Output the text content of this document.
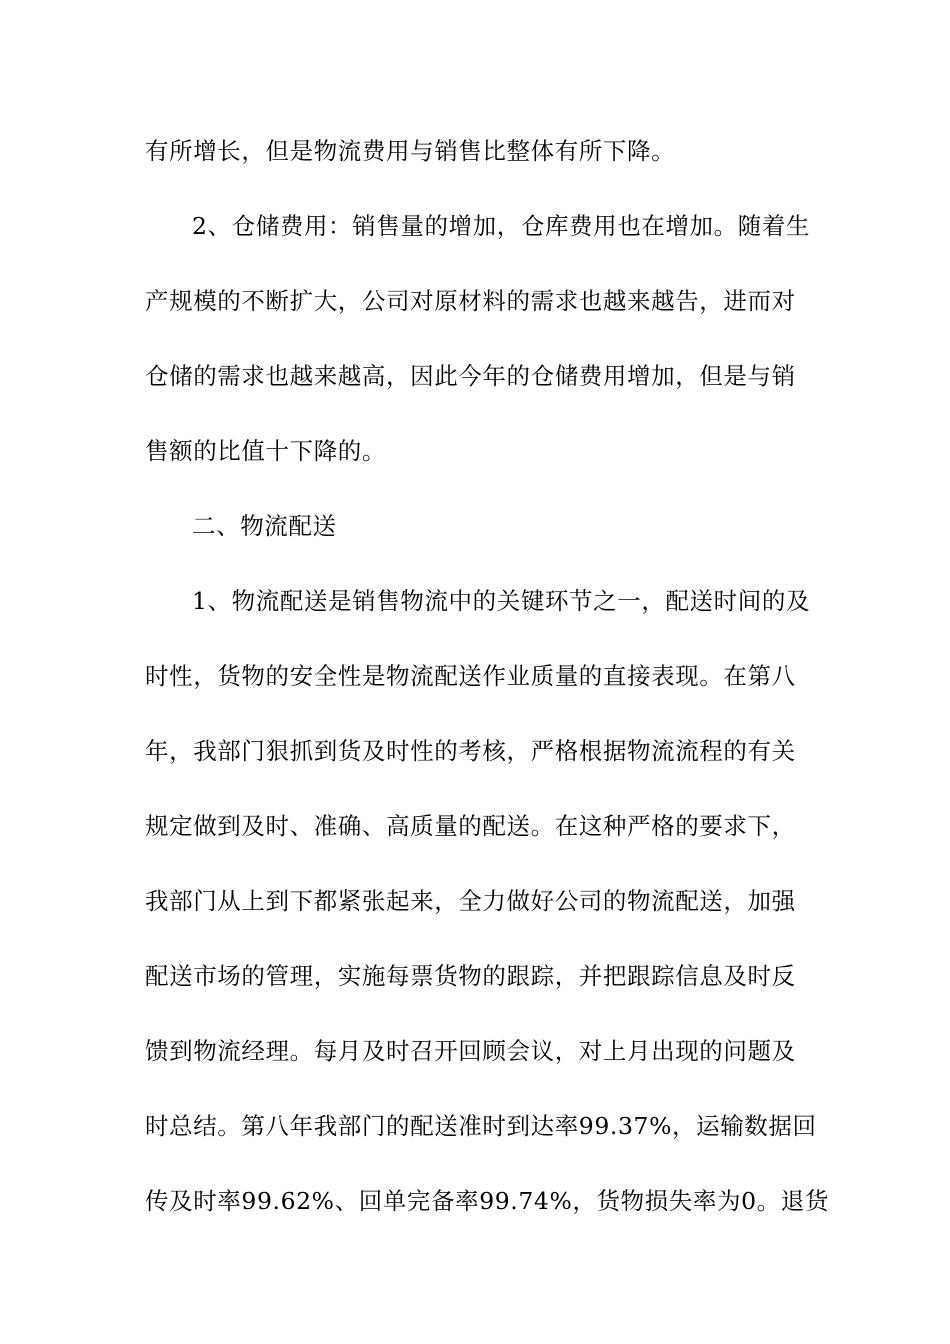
有所增长，但是物流费用与销售比整体有所下降。
2、仓储费用：销售量的增加，仓库费用也在增加。随着生
产规模的不断扩大，公司对原材料的需求也越来越告，进而对
仓储的需求也越来越高，因此今年的仓储费用增加，但是与销
售额的比值十下降的。
二、物流配送
1、物流配送是销售物流中的关键环节之一，配送时间的及
时性，货物的安全性是物流配送作业质量的直接表现。在第八
年，我部门狠抓到货及时性的考核，严格根据物流流程的有关
规定做到及时、准确、高质量的配送。在这种严格的要求下，
我部门从上到下都紧张起来，全力做好公司的物流配送，加强
配送市场的管理，实施每票货物的跟踪，并把跟踪信息及时反
馈到物流经理。每月及时召开回顾会议，对上月出现的问题及
时总结。第八年我部门的配送准时到达率99.37%，运输数据回
传及时率99.62%、回单完备率99.74%，货物损失率为0。退货
